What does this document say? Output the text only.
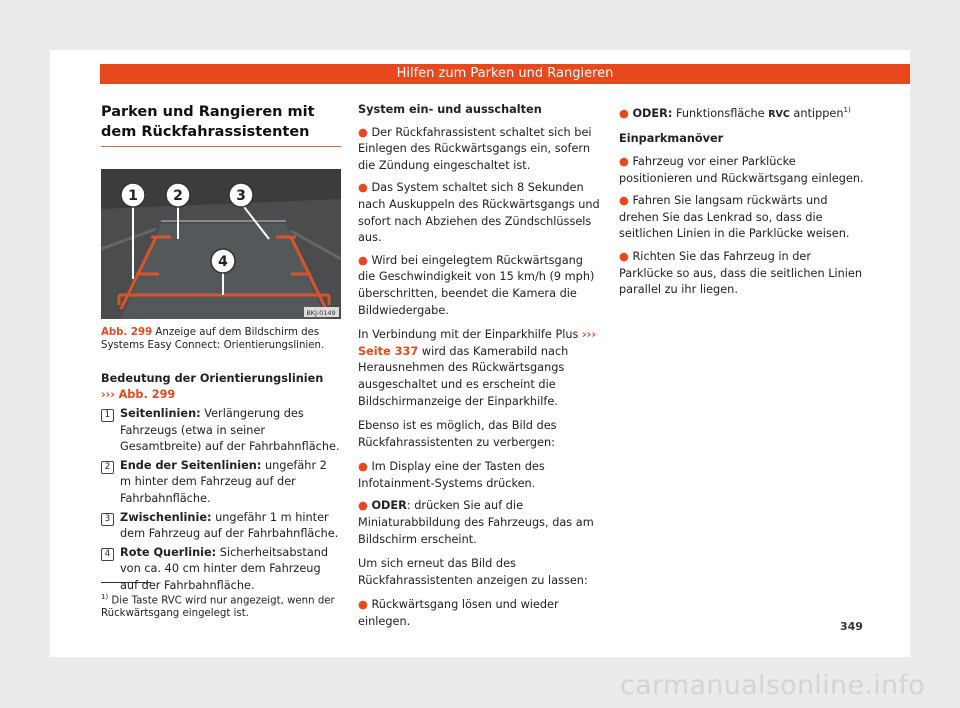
Hilfen zum Parken und Rangieren
Parken und Rangieren mit dem Rückfahrassistenten
1	2	3
4
BKJ-0149
Abb. 299 Anzeige auf dem Bildschirm des Systems Easy Connect: Orientierungslinien.
Bedeutung der Orientierungslinien
››› Abb. 299
1 Seitenlinien: Verlängerung des Fahrzeugs (etwa in seiner Gesamtbreite) auf der Fahrbahnfläche.
2 Ende der Seitenlinien: ungefähr 2 m hinter dem Fahrzeug auf der Fahrbahnfläche.
3 Zwischenlinie: ungefähr 1 m hinter dem Fahrzeug auf der Fahrbahnfläche.
4 Rote Querlinie: Sicherheitsabstand von ca. 40 cm hinter dem Fahrzeug auf der Fahrbahnfläche.

System ein- und ausschalten

● Der Rückfahrassistent schaltet sich bei Einlegen des Rückwärtsgangs ein, sofern die Zündung eingeschaltet ist.

● Das System schaltet sich 8 Sekunden nach Auskuppeln des Rückwärtsgangs und sofort nach Abziehen des Zündschlüssels aus.

● Wird bei eingelegtem Rückwärtsgang die Geschwindigkeit von 15 km/h (9 mph) überschritten, beendet die Kamera die Bildwiedergabe.

In Verbindung mit der Einparkhilfe Plus ››› Seite 337 wird das Kamerabild nach Herausnehmen des Rückwärtsgangs ausgeschaltet und es erscheint die Bildschirmanzeige der Einparkhilfe.

Ebenso ist es möglich, das Bild des Rückfahrassistenten zu verbergen:

● Im Display eine der Tasten des Infotainment-Systems drücken.

● ODER: drücken Sie auf die Miniaturabbildung des Fahrzeugs, das am Bildschirm erscheint.

Um sich erneut das Bild des Rückfahrassistenten anzeigen zu lassen:

● Rückwärtsgang lösen und wieder einlegen.

● ODER: Funktionsfläche RVC antippen$^{1)}$

Einparkmanöver

● Fahrzeug vor einer Parklücke positionieren und Rückwärtsgang einlegen.

● Fahren Sie langsam rückwärts und drehen Sie das Lenkrad so, dass die seitlichen Linien in die Parklücke weisen.

● Richten Sie das Fahrzeug in der Parklücke so aus, dass die seitlichen Linien parallel zu ihr liegen.

$^{1)}$ Die Taste RVC wird nur angezeigt, wenn der Rückwärtsgang eingelegt ist.
349
carmanualsonline.info
